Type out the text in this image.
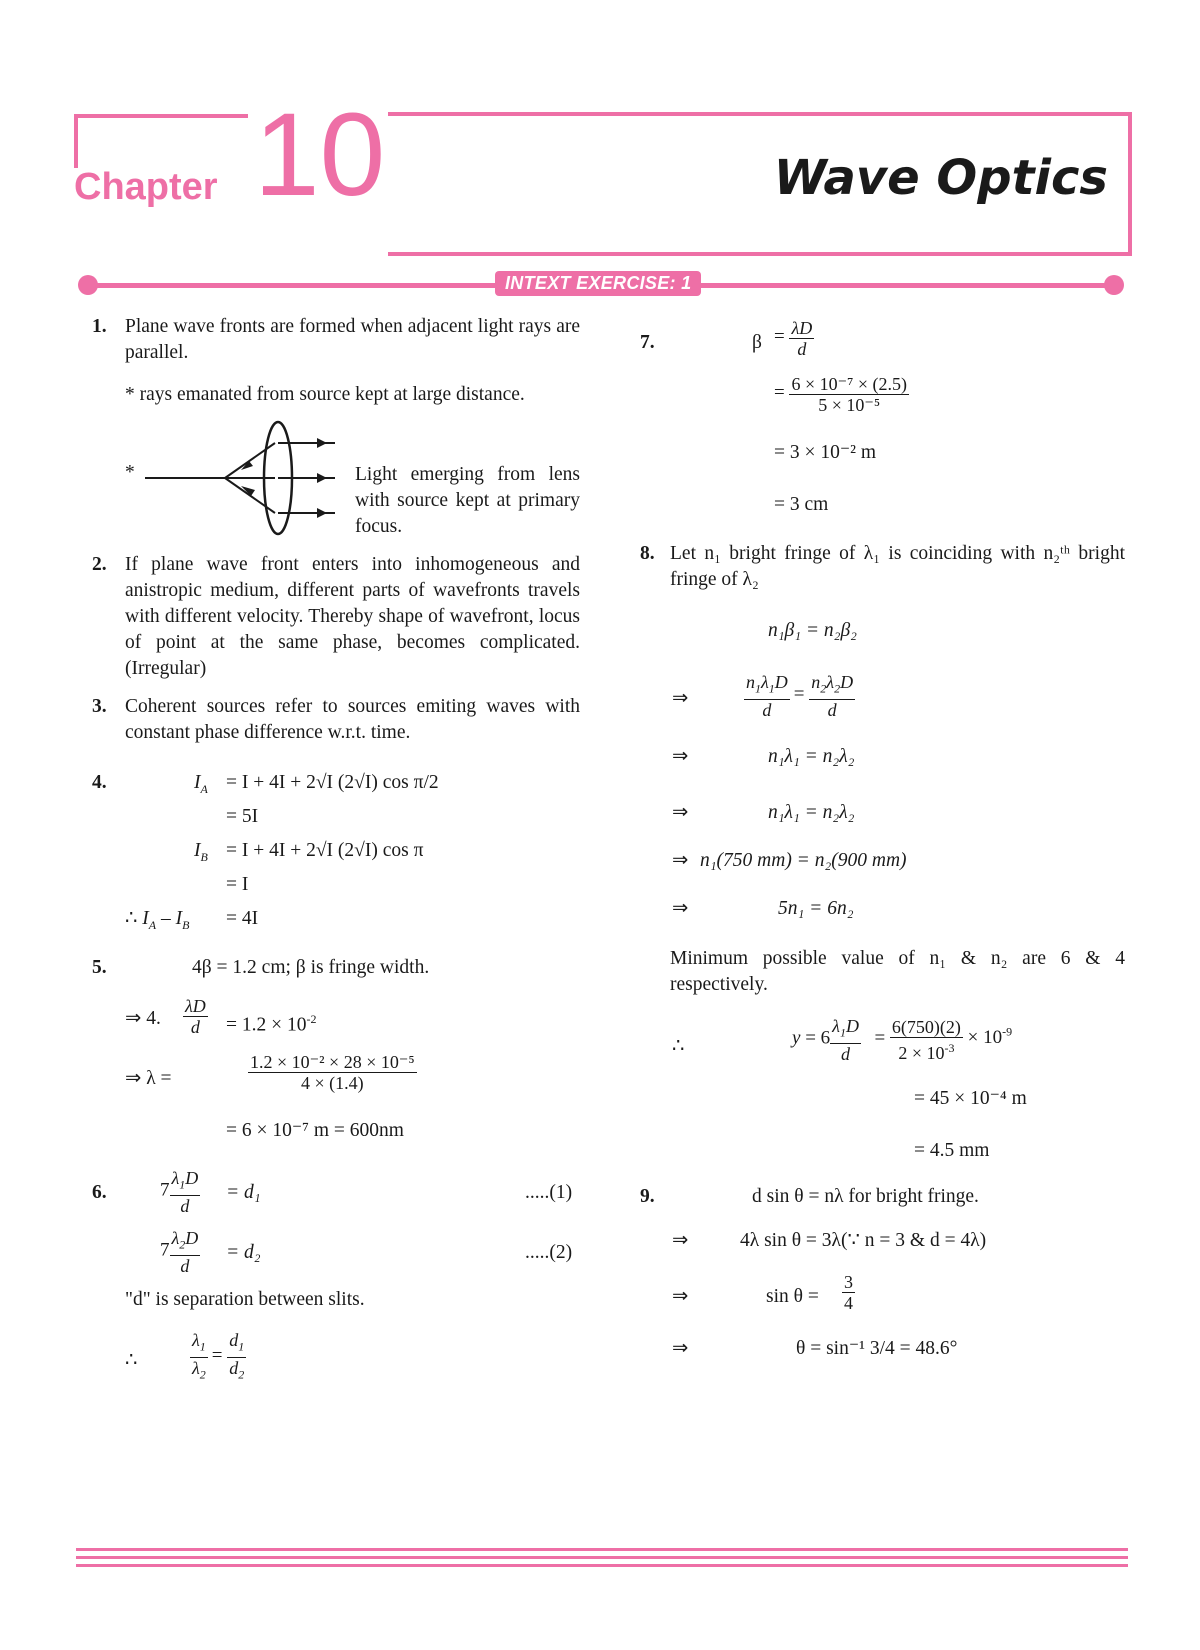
Chapter 10	Wave Optics
INTEXT EXERCISE: 1
1. Plane wave fronts are formed when adjacent light rays are parallel.
* rays emanated from source kept at large distance.
*	Light emerging from lens with source kept at primary focus.
2. If plane wave front enters into inhomogeneous and anistropic medium, different parts of wavefronts travels with different velocity. Thereby shape of wavefront, locus of point at the same phase, becomes complicated. (Irregular)
3. Coherent sources refer to sources emiting waves with constant phase difference w.r.t. time.
4.	$I_A = I + 4I + 2√I$ (2√I) cos π/2
= 5I
$I_B = I + 4I + 2√I$ (2√I) cos π
= I
∴ $I_A - I_B = 4I$
5.	4β = 1.2 cm; β is fringe width.
⇒ 4. $\frac{\lambda D}{d} = 1.2 \times 10^{-2}$
⇒ λ =	$\frac{\text{1.2 × 10⁻² × 28 × 10⁻⁵}}{4 \times (1.4)}$
= 6 × 10⁻⁷ m = 600nm
6.	$7 \frac{\lambda_1D}{d} = d_1$	.....(1)
$7 \frac{\lambda_2D}{d} = d_2$	.....(2)
"d" is separation between slits.
∴	$\frac{\lambda_1}{\lambda_2} = \frac{d_1}{d_2}$
7.	$\beta = \frac{\lambda D}{d}$
= $\frac{\text{6 × 10⁻⁷ × (2.5)}}{\text{5 × 10⁻⁵}}$
= 3 × 10⁻² m
= 3 cm
8. Let n₁ bright fringe of λ₁ is coinciding with n₂ᵗʰ bright fringe of λ₂
n₁β₁ = n₂β₂
⇒	$\frac{n_1\lambda_1D}{d} = \frac{n_2\lambda_2D}{d}$
⇒	n₁λ₁ = n₂λ₂
⇒	n₁λ₁ = n₂λ₂
⇒ n₁(750 mm) = n₂(900 mm)
⇒	5n₁ = 6n₂
Minimum possible value of n₁ & n₂ are 6 & 4 respectively.
∴	$y = 6 \frac{\lambda_1D}{d} = \frac{6(750)(2)}{2 \times 10^{-3}} \times 10^{-9}$
= 45 × 10⁻⁴ m
= 4.5 mm
9.	d sin θ = nλ for bright fringe.
⇒	4λ sin θ = 3λ(∵ n = 3 & d = 4λ)
⇒	$\sin \theta = \frac{3}{4}$
⇒	θ = sin⁻¹ 3/4 = 48.6°
